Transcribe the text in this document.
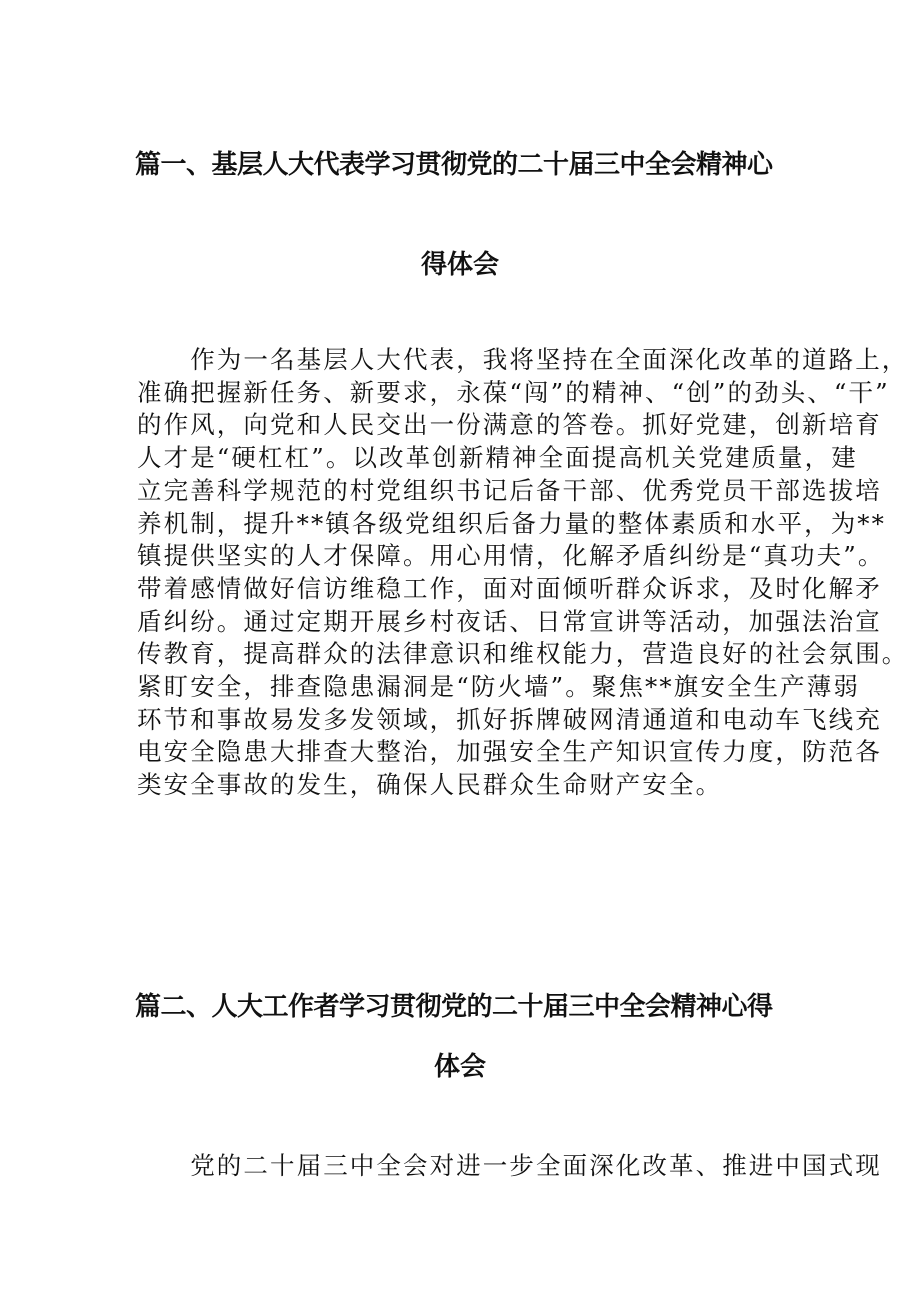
篇一、基层人大代表学习贯彻党的二十届三中全会精神心
得体会
　　作为一名基层人大代表，我将坚持在全面深化改革的道路上，
准确把握新任务、新要求，永葆“闯”的精神、“创”的劲头、“干”
的作风，向党和人民交出一份满意的答卷。抓好党建，创新培育
人才是“硬杠杠”。以改革创新精神全面提高机关党建质量，建
立完善科学规范的村党组织书记后备干部、优秀党员干部选拔培
养机制，提升**镇各级党组织后备力量的整体素质和水平，为**
镇提供坚实的人才保障。用心用情，化解矛盾纠纷是“真功夫”。
带着感情做好信访维稳工作，面对面倾听群众诉求，及时化解矛
盾纠纷。通过定期开展乡村夜话、日常宣讲等活动，加强法治宣
传教育，提高群众的法律意识和维权能力，营造良好的社会氛围。
紧盯安全，排查隐患漏洞是“防火墙”。聚焦**旗安全生产薄弱
环节和事故易发多发领域，抓好拆牌破网清通道和电动车飞线充
电安全隐患大排查大整治，加强安全生产知识宣传力度，防范各
类安全事故的发生，确保人民群众生命财产安全。
篇二、人大工作者学习贯彻党的二十届三中全会精神心得
体会
　　党的二十届三中全会对进一步全面深化改革、推进中国式现
